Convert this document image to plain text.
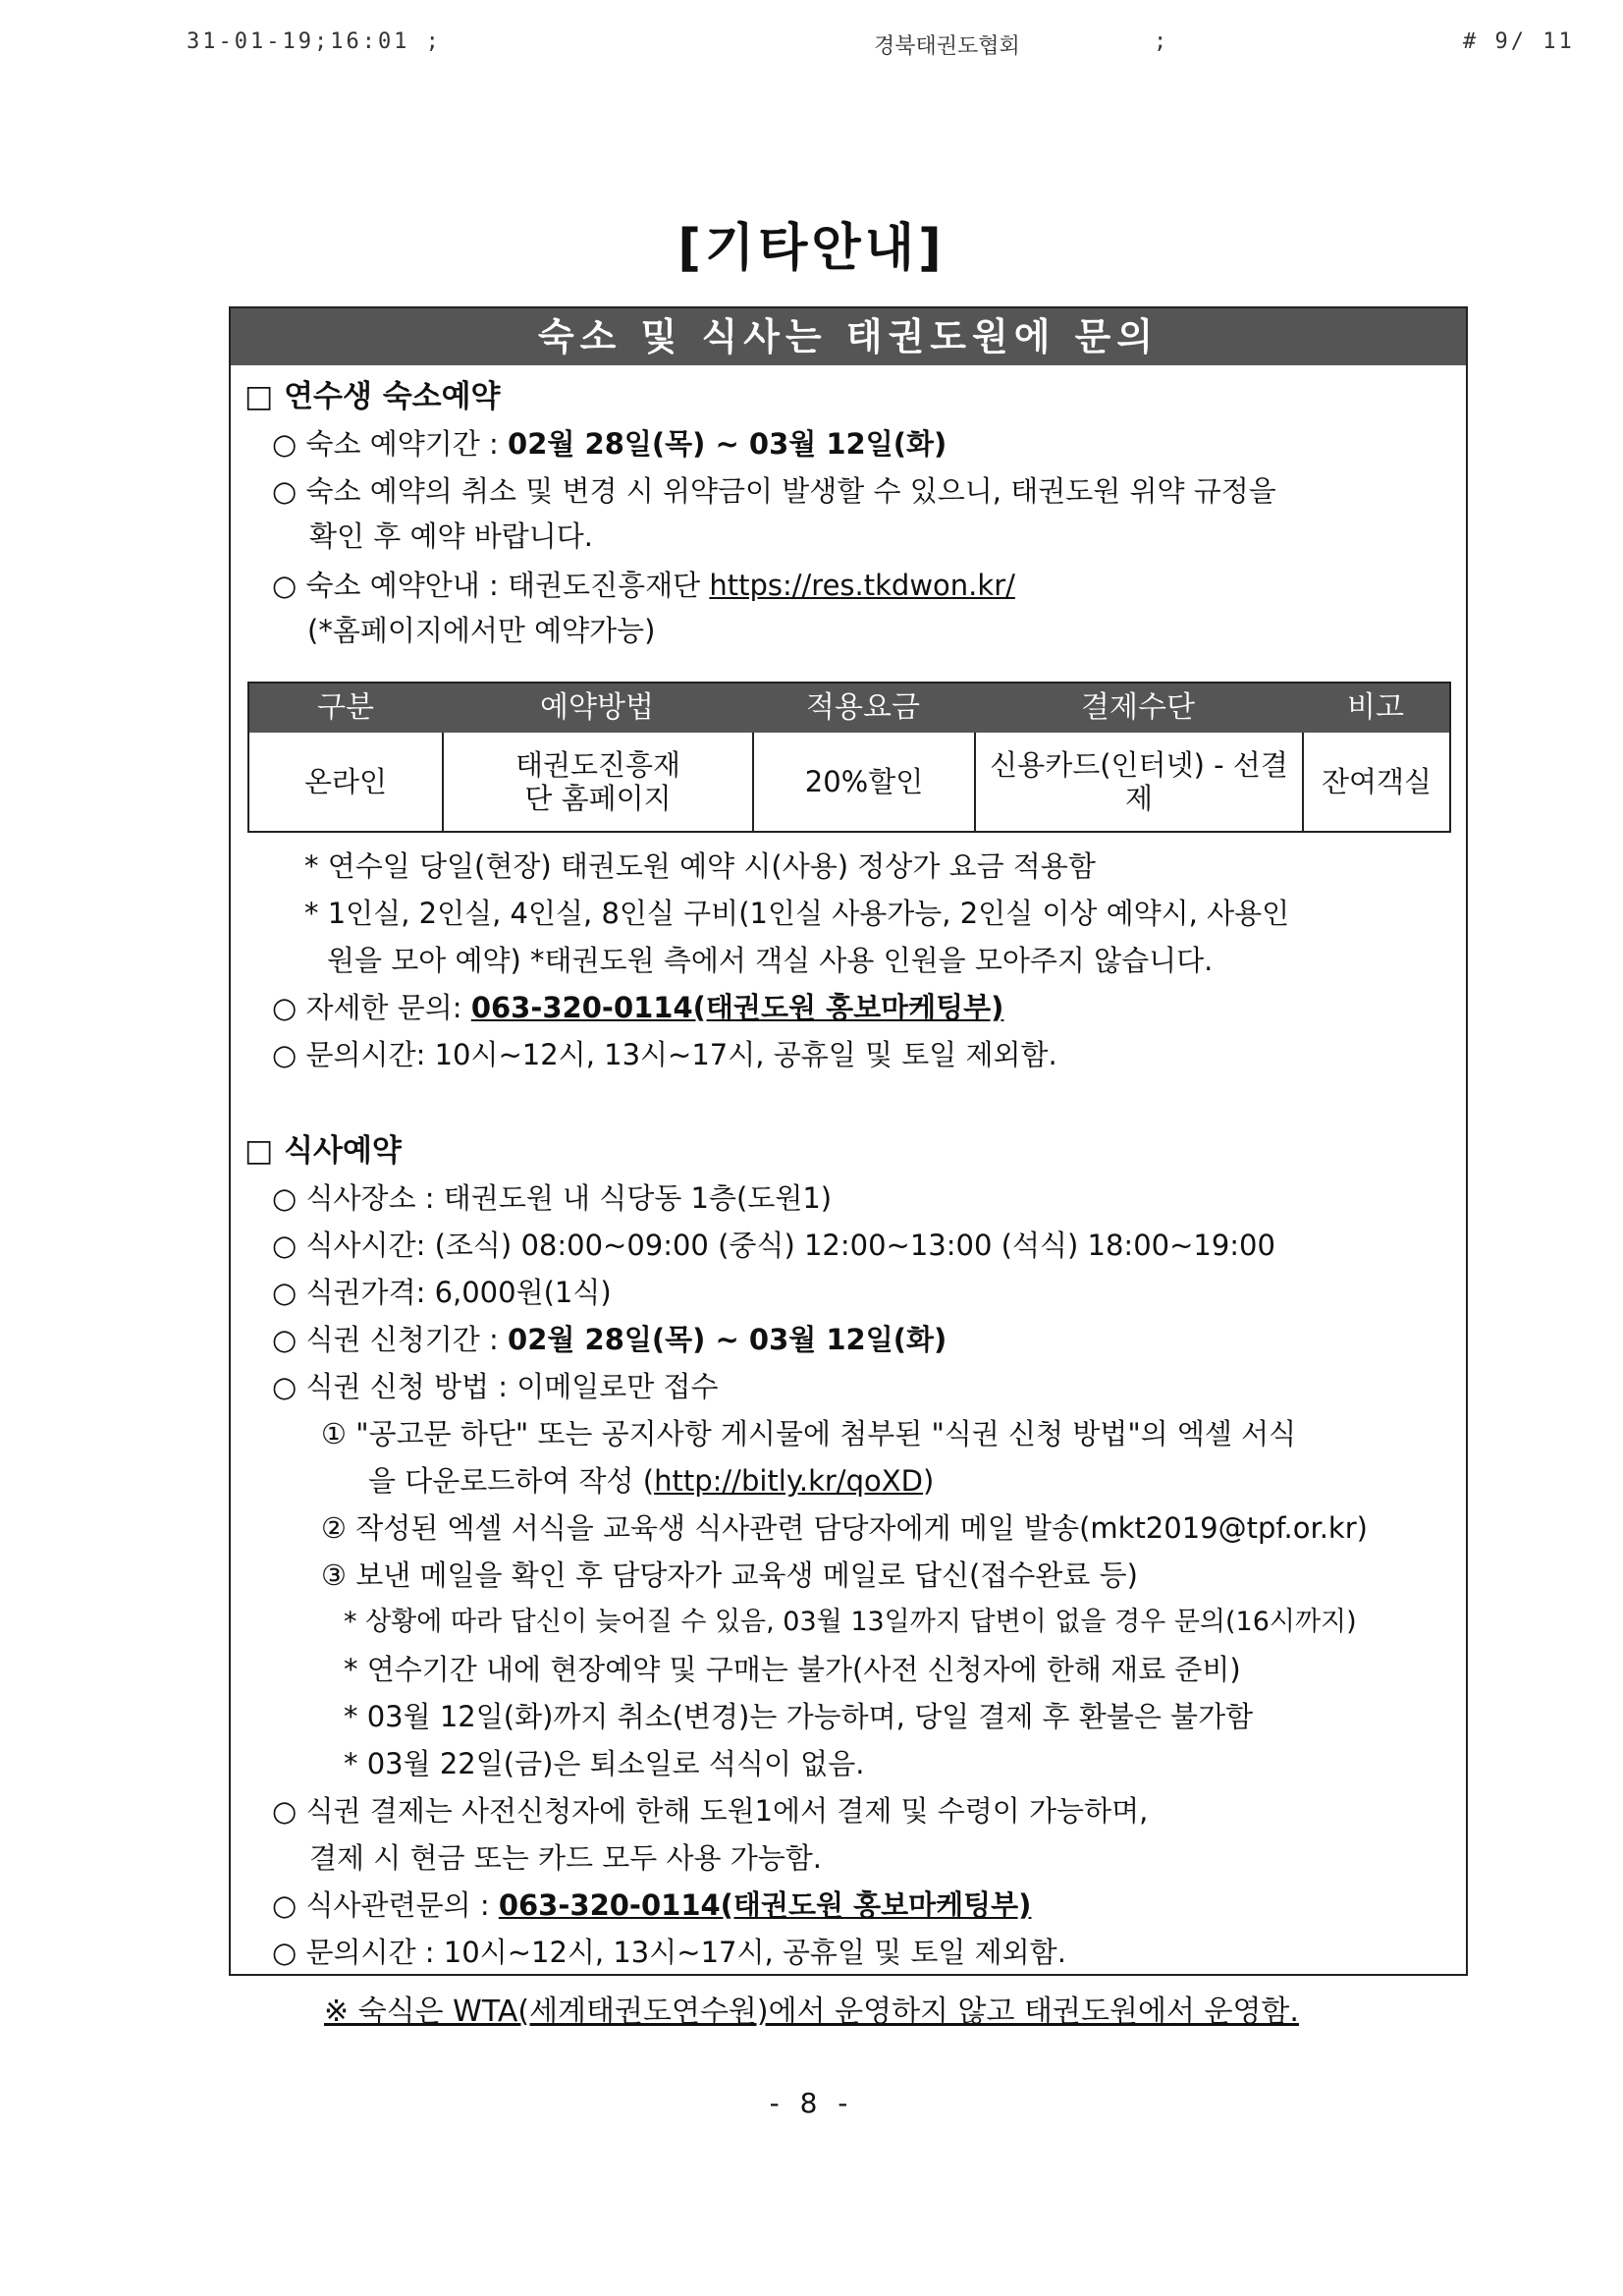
31-01-19;16:01 ;	경북태권도협회	;	# 9/ 11
[기타안내]
숙소 및 식사는 태권도원에 문의
□ 연수생 숙소예약
○ 숙소 예약기간 : 02월 28일(목) ~ 03월 12일(화)
○ 숙소 예약의 취소 및 변경 시 위약금이 발생할 수 있으니, 태권도원 위약 규정을
확인 후 예약 바랍니다.
○ 숙소 예약안내 : 태권도진흥재단 https://res.tkdwon.kr/
(*홈페이지에서만 예약가능)
구분	예약방법	적용요금	결제수단	비고
온라인	태권도진흥재단 홈페이지	20%할인	신용카드(인터넷) - 선결제	잔여객실
* 연수일 당일(현장) 태권도원 예약 시(사용) 정상가 요금 적용함
* 1인실, 2인실, 4인실, 8인실 구비(1인실 사용가능, 2인실 이상 예약시, 사용인
원을 모아 예약) *태권도원 측에서 객실 사용 인원을 모아주지 않습니다.
○ 자세한 문의: 063-320-0114(태권도원 홍보마케팅부)
○ 문의시간: 10시~12시, 13시~17시, 공휴일 및 토일 제외함.
□ 식사예약
○ 식사장소 : 태권도원 내 식당동 1층(도원1)
○ 식사시간: (조식) 08:00~09:00 (중식) 12:00~13:00 (석식) 18:00~19:00
○ 식권가격: 6,000원(1식)
○ 식권 신청기간 : 02월 28일(목) ~ 03월 12일(화)
○ 식권 신청 방법 : 이메일로만 접수
① "공고문 하단" 또는 공지사항 게시물에 첨부된 "식권 신청 방법"의 엑셀 서식
을 다운로드하여 작성 (http://bitly.kr/qoXD)
② 작성된 엑셀 서식을 교육생 식사관련 담당자에게 메일 발송(mkt2019@tpf.or.kr)
③ 보낸 메일을 확인 후 담당자가 교육생 메일로 답신(접수완료 등)
* 상황에 따라 답신이 늦어질 수 있음, 03월 13일까지 답변이 없을 경우 문의(16시까지)
* 연수기간 내에 현장예약 및 구매는 불가(사전 신청자에 한해 재료 준비)
* 03월 12일(화)까지 취소(변경)는 가능하며, 당일 결제 후 환불은 불가함
* 03월 22일(금)은 퇴소일로 석식이 없음.
○ 식권 결제는 사전신청자에 한해 도원1에서 결제 및 수령이 가능하며,
결제 시 현금 또는 카드 모두 사용 가능함.
○ 식사관련문의 : 063-320-0114(태권도원 홍보마케팅부)
○ 문의시간 : 10시~12시, 13시~17시, 공휴일 및 토일 제외함.
※ 숙식은 WTA(세계태권도연수원)에서 운영하지 않고 태권도원에서 운영함.
- 8 -
